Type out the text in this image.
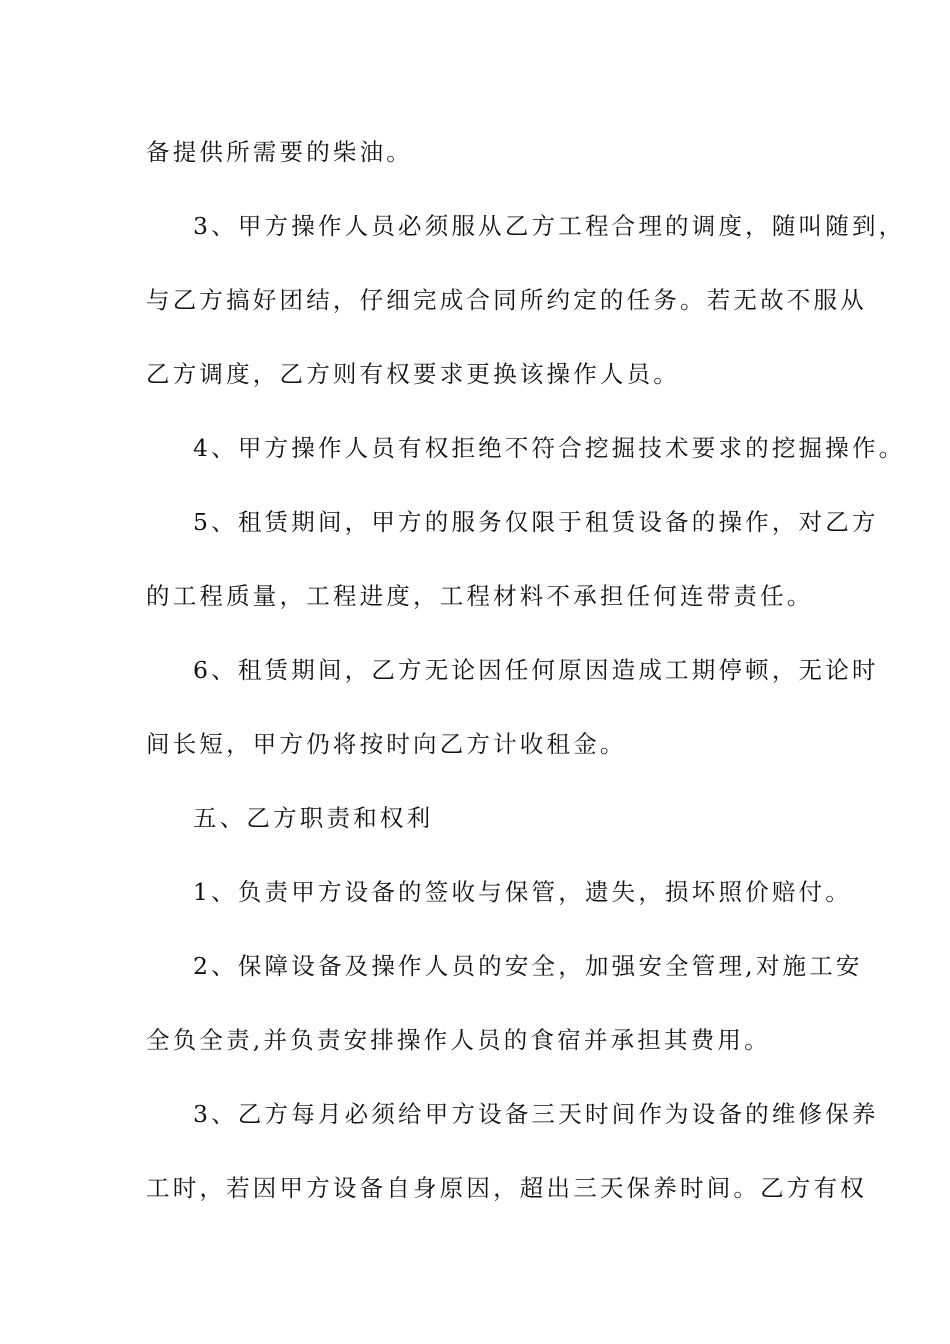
备提供所需要的柴油。
3、甲方操作人员必须服从乙方工程合理的调度，随叫随到，
与乙方搞好团结，仔细完成合同所约定的任务。若无故不服从
乙方调度，乙方则有权要求更换该操作人员。
4、甲方操作人员有权拒绝不符合挖掘技术要求的挖掘操作。
5、租赁期间，甲方的服务仅限于租赁设备的操作，对乙方
的工程质量，工程进度，工程材料不承担任何连带责任。
6、租赁期间，乙方无论因任何原因造成工期停顿，无论时
间长短，甲方仍将按时向乙方计收租金。
五、乙方职责和权利
1、负责甲方设备的签收与保管，遗失，损坏照价赔付。
2、保障设备及操作人员的安全，加强安全管理,对施工安
全负全责,并负责安排操作人员的食宿并承担其费用。
3、乙方每月必须给甲方设备三天时间作为设备的维修保养
工时，若因甲方设备自身原因，超出三天保养时间。乙方有权
